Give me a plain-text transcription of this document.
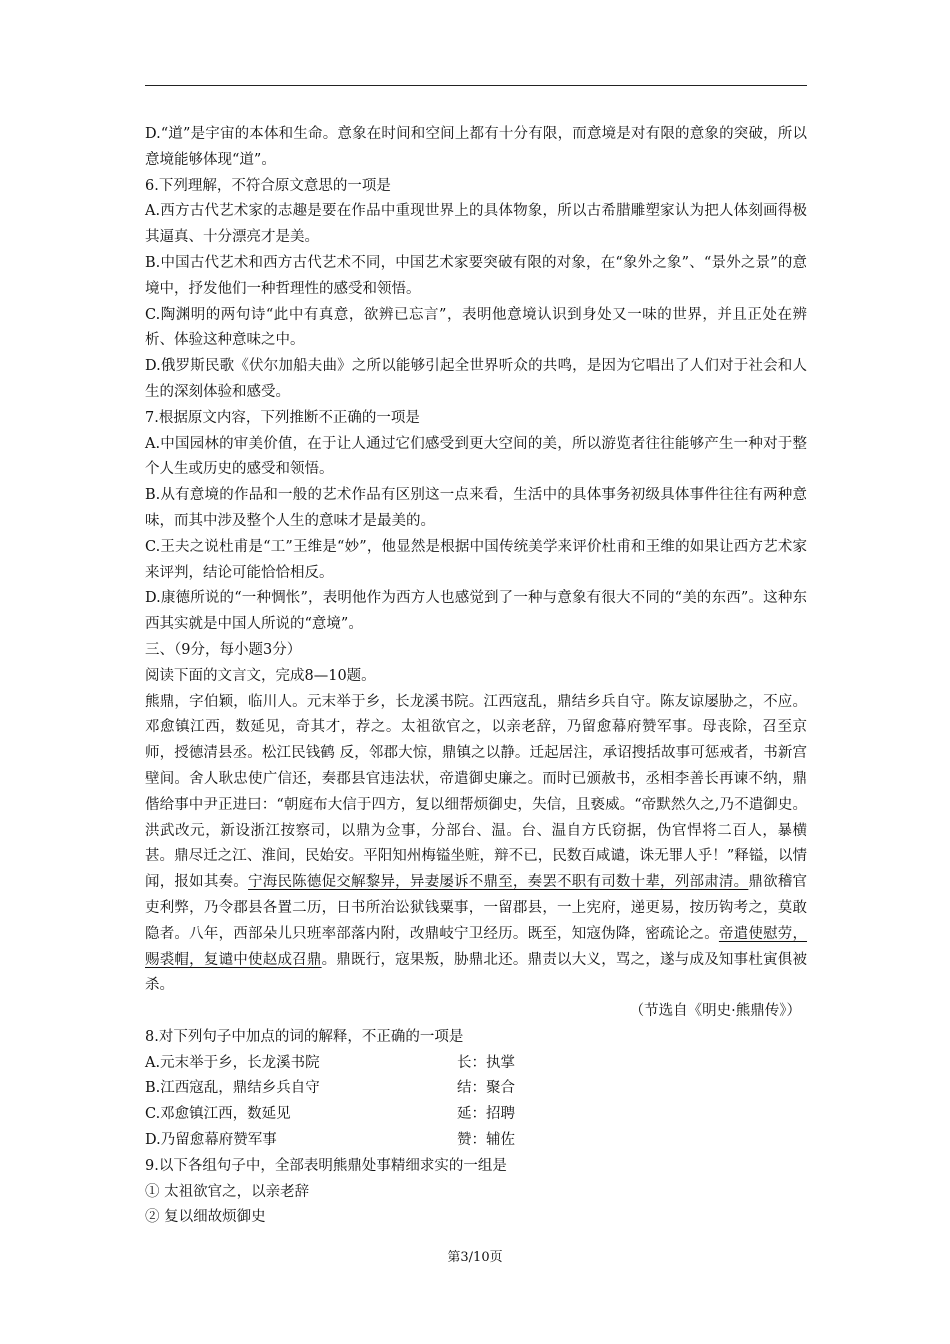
D.“道”是宇宙的本体和生命。意象在时间和空间上都有十分有限，而意境是对有限的意象的突破，所以意境能够体现“道”。

6.下列理解，不符合原文意思的一项是

A.西方古代艺术家的志趣是要在作品中重现世界上的具体物象，所以古希腊雕塑家认为把人体刻画得极其逼真、十分漂亮才是美。

B.中国古代艺术和西方古代艺术不同，中国艺术家要突破有限的对象，在“象外之象”、“景外之景”的意境中，抒发他们一种哲理性的感受和领悟。

C.陶渊明的两句诗“此中有真意，欲辨已忘言”，表明他意境认识到身处又一味的世界，并且正处在辨析、体验这种意味之中。

D.俄罗斯民歌《伏尔加船夫曲》之所以能够引起全世界听众的共鸣，是因为它唱出了人们对于社会和人生的深刻体验和感受。

7.根据原文内容，下列推断不正确的一项是

A.中国园林的审美价值，在于让人通过它们感受到更大空间的美，所以游览者往往能够产生一种对于整个人生或历史的感受和领悟。

B.从有意境的作品和一般的艺术作品有区别这一点来看，生活中的具体事务初级具体事件往往有两种意味，而其中涉及整个人生的意味才是最美的。

C.王夫之说杜甫是“工”王维是“妙”，他显然是根据中国传统美学来评价杜甫和王维的如果让西方艺术家来评判，结论可能恰恰相反。

D.康德所说的“一种惆怅”，表明他作为西方人也感觉到了一种与意象有很大不同的“美的东西”。这种东西其实就是中国人所说的“意境”。

三、（9分，每小题3分）

阅读下面的文言文，完成8—10题。

熊鼎，字伯颖，临川人。元末举于乡，长龙溪书院。江西寇乱，鼎结乡兵自守。陈友谅屡胁之，不应。邓愈镇江西，数延见，奇其才，荐之。太祖欲官之，以亲老辞，乃留愈幕府赞军事。母丧除，召至京师，授德清县丞。松江民钱鹤 反，邻郡大惊，鼎镇之以静。迁起居注，承诏搜括故事可惩戒者，书新宫壁间。舍人耿忠使广信还，奏郡县官违法状，帝遣御史廉之。而时已颁赦书，丞相李善长再谏不纳，鼎偕给事中尹正进曰：“朝庭布大信于四方，复以细帮烦御史，失信，且亵威。“帝默然久之,乃不遣御史。洪武改元，新设浙江按察司，以鼎为佥事，分部台、温。台、温自方氏窃据，伪官悍将二百人，暴横甚。鼎尽迁之江、淮间，民始安。平阳知州梅镒坐赃，辩不已，民数百咸谴，诛无罪人乎！”释镒，以情闻，报如其奏。宁海民陈德促交解黎异，异妻屡诉不鼎至，奏罢不职有司数十辈，列部肃清。鼎欲稽官吏利弊，乃令郡县各置二历，日书所治讼狱钱粟事，一留郡县，一上宪府，递更易，按历钩考之，莫敢隐者。八年，西部朵儿只班率部落内附，改鼎岐宁卫经历。既至，知寇伪降，密疏论之。帝遣使慰劳，赐裘帽，复谴中使赵成召鼎。鼎既行，寇果叛，胁鼎北还。鼎责以大义，骂之，遂与成及知事杜寅俱被杀。

（节选自《明史·熊鼎传》）

8.对下列句子中加点的词的解释，不正确的一项是

A.元末举于乡，长龙溪书院	长：执掌
B.江西寇乱，鼎结乡兵自守	结：聚合
C.邓愈镇江西，数延见	延：招聘
D.乃留愈幕府赞军事	赞：辅佐

9.以下各组句子中，全部表明熊鼎处事精细求实的一组是

① 太祖欲官之，以亲老辞

② 复以细故烦御史

第3/10页
